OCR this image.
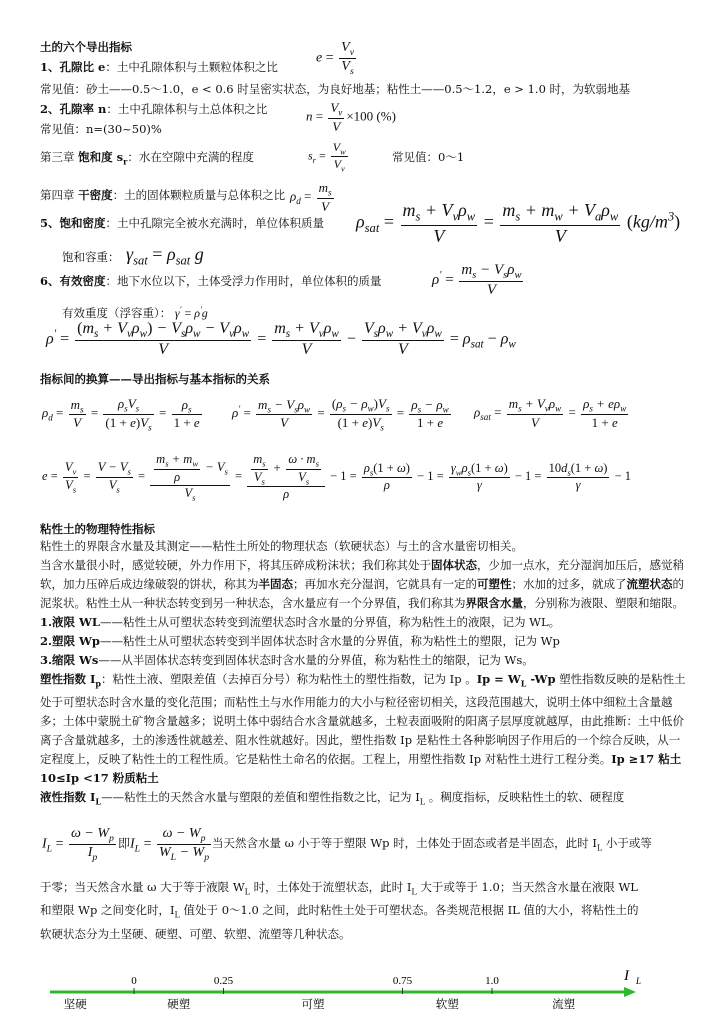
土的六个导出指标
1、孔隙比 e：土中孔隙体积与土颗粒体积之比
$e = \frac{V_v}{V_s}$
常见值：砂土——0.5～1.0，e < 0.6 时呈密实状态，为良好地基；粘性土——0.5～1.2，e > 1.0 时，为软弱地基
2、孔隙率 n：土中孔隙体积与土总体积之比	$n = \frac{V_v}{V} \times 100$ (%)
常见值：n=(30~50)%
第三章 饱和度 $s_r$：水在空隙中充满的程度	$s_r = \frac{V_w}{V_v}$	常见值：0～1
第四章 干密度：土的固体颗粒质量与总体积之比 $\rho_d = \frac{m_s}{V}$
5、饱和密度：土中孔隙完全被水充满时，单位体积质量 $\rho_{sat} = \frac{m_s + V_v\rho_w}{V} = \frac{m_s + m_w + V_a\rho_w}{V} (kg/m^3)$
饱和容重： $\gamma_{sat} = \rho_{sat}$ g
6、有效密度：地下水位以下，土体受浮力作用时，单位体积的质量	$\rho' = \frac{m_s - V_s\rho_w}{V}$
有效重度（浮容重）： γ' = ρ'g
$\rho' = \frac{(m_s + V_v\rho_w) - V_s\rho_w - V_v\rho_w}{V} = \frac{m_s + V_v\rho_w}{V} - \frac{V_s\rho_w + V_v\rho_w}{V} = \rho_{sat} - \rho_w$
指标间的换算——导出指标与基本指标的关系
$\rho_d = \frac{m_s}{V} = \frac{\rho_sV_s}{(1 + e)V_s} = \frac{\rho_s}{1 + e} \rho' = \frac{m_s - V_s\rho_w}{V} = \frac{(\rho_s - \rho_w)V_s}{(1 + e)V_s} = \frac{\rho_s - \rho_w}{1 + e} \rho_{sat} = \frac{m_s + V_v\rho_w}{V} = \frac{\rho_s + e\rho_w}{1 + e}$
$e = \frac{V_v}{V_s} = \frac{V - V_s}{V_s} = \frac{\frac{m_s + m_w}{\rho} - V_s}{V_s} = \frac{\frac{m_s}{V_s} + \frac{\omega \cdot m_s}{V_s}}{\rho} - 1 = \frac{\rho_s(1 + \omega)}{\rho} - 1 = \frac{\gamma_w\rho_s(1 + \omega)}{\gamma} - 1 = \frac{10d_s(1 + \omega)}{\gamma} - 1$
粘性土的物理特性指标
粘性土的界限含水量及其测定——粘性土所处的物理状态（软硬状态）与土的含水量密切相关。
当含水量很小时，感觉较硬，外力作用下，将其压碎成粉沫状；我们称其处于固体状态，少加一点水，充分湿润加压后，感觉稍软，加力压碎后成边缘破裂的饼状，称其为半固态；再加水充分湿润，它就具有一定的可塑性；水加的过多，就成了流塑状态的泥浆状。粘性土从一种状态转变到另一种状态，含水量应有一个分界值，我们称其为界限含水量，分别称为液限、塑限和缩限。
1.液限 WL——粘性土从可塑状态转变到流塑状态时含水量的分界值，称为粘性土的液限，记为 WL。
2.塑限 Wp——粘性土从可塑状态转变到半固体状态时含水量的分界值，称为粘性土的塑限，记为 Wp
3.缩限 Ws——从半固体状态转变到固体状态时含水量的分界值，称为粘性土的缩限，记为 Ws。
塑性指数 $I_p$：粘性土液、塑限差值（去掉百分号）称为粘性土的塑性指数，记为 Ip 。$Ip = W_L$ -Wp 塑性指数反映的是粘性土处于可塑状态时含水量的变化范围；而粘性土与水作用能力的大小与粒径密切相关，这段范围越大，说明土体中细粒土含量越多；土体中蒙脱土矿物含量越多；说明土体中弱结合水含量就越多，土粒表面吸附的阳离子层厚度就越厚，由此推断：土中低价离子含量就越多，土的渗透性就越差、阻水性就越好。因此，塑性指数 Ip 是粘性土各种影响因子作用后的一个综合反映，从一定程度上，反映了粘性土的工程性质。它是粘性土命名的依据。工程上，用塑性指数 Ip 对粘性土进行工程分类。Ip ≥17 粘土 10≤Ip <17 粉质粘土
液性指数 $I_L——$粘性土的天然含水量与塑限的差值和塑性指数之比，记为 $I_L$ 。稠度指标，反映粘性土的软、硬程度
$I_L = \frac{\omega - W_p}{I_p}$ 即$I_L = \frac{\omega - W_p}{W_L - W_p}$ 当天然含水量 ω 小于等于塑限 Wp 时，土体处于固态或者是半固态，此时 $I_L$ 小于或等
于零；当天然含水量 ω 大于等于液限 $W_L$ 时，土体处于流塑状态，此时 $I_L$ 大于或等于 1.0；当天然含水量在液限 WL
和塑限 Wp 之间变化时，$I_L$ 值处于 0～1.0 之间，此时粘性土处于可塑状态。各类规范根据 IL 值的大小，将粘性土的
软硬状态分为土坚硬、硬塑、可塑、软塑、流塑等几种状态。
0	0.25	0.75	1.0	I L
坚硬	硬塑	可塑	软塑	流塑
